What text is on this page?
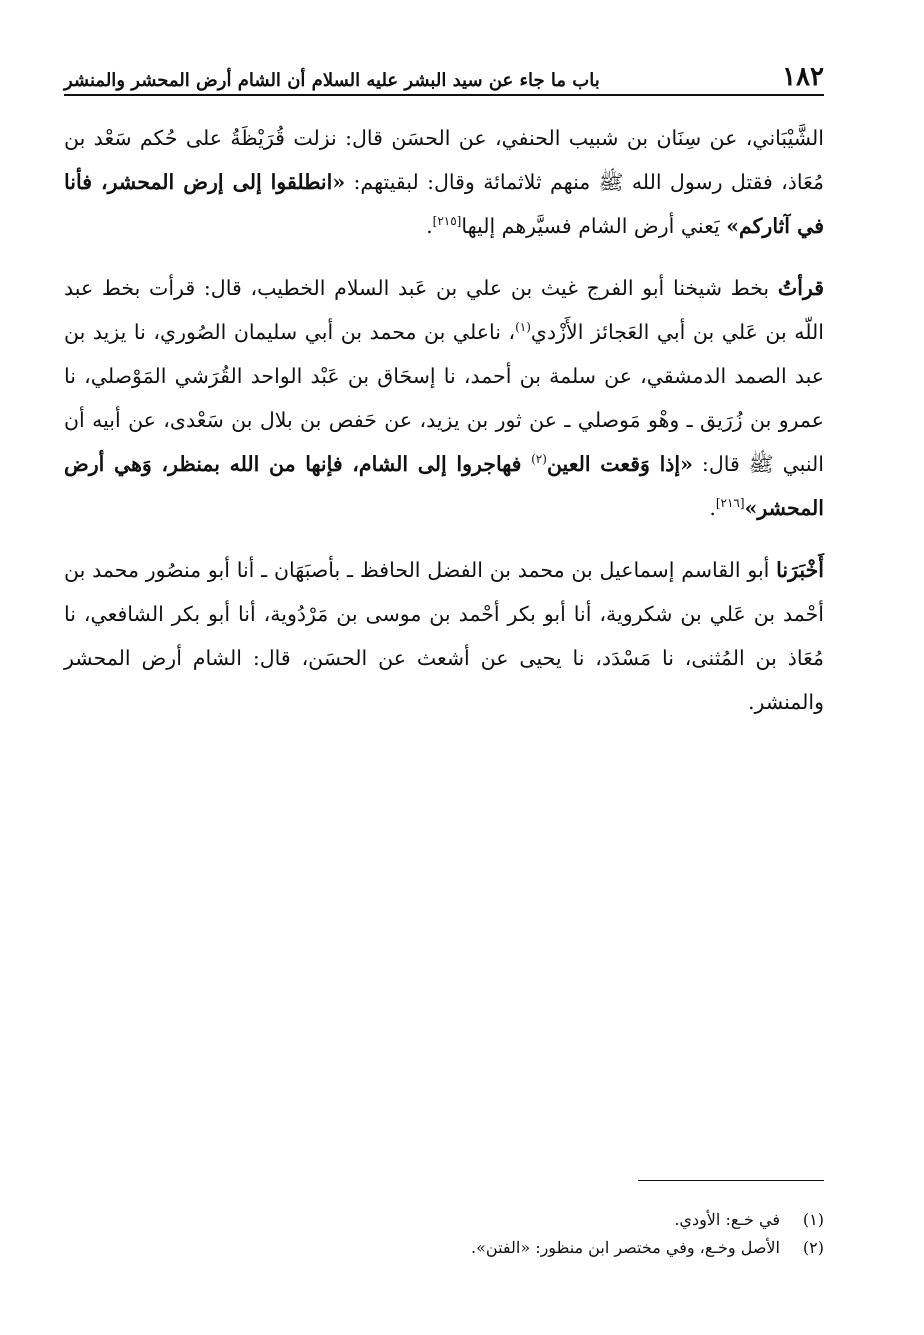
١٨٢
باب ما جاء عن سيد البشر عليه السلام أن الشام أرض المحشر والمنشر

الشَّيْبَاني، عن سِنَان بن شبيب الحنفي، عن الحسَن قال: نزلت قُرَيْظَةُ على حُكم سَعْد بن مُعَاذ، فقتل رسول الله ﷺ منهم ثلاثمائة وقال: لبقيتهم: «انطلقوا إلى إرض المحشر، فأنا في آثاركم» يَعني أرض الشام فسيَّرهم إليها[٢١٥].

قرأتُ بخط شيخنا أبو الفرج غيث بن علي بن عَبد السلام الخطيب، قال: قرأت بخط عبد اللّه بن عَلي بن أبي العَجائز الأَزْدي$^{(١)}$، ناعلي بن محمد بن أبي سليمان الصُوري، نا يزيد بن عبد الصمد الدمشقي، عن سلمة بن أحمد، نا إسحَاق بن عَبْد الواحد القُرَشي المَوْصلي، نا عمرو بن زُرَيق ـ وهْو مَوصلي ـ عن ثور بن يزيد، عن حَفص بن بلال بن سَعْدى، عن أبيه أن النبي ﷺ قال: «إذا وَقعت العين$^{(٢)}$ فهاجروا إلى الشام، فإنها من الله بمنظر، وَهي أرض المحشر»[٢١٦].

أَخْبَرَنا أبو القاسم إسماعيل بن محمد بن الفضل الحافظ ـ بأصبَهَان ـ أنا أبو منصُور محمد بن أحْمد بن عَلي بن شكروية، أنا أبو بكر أحْمد بن موسى بن مَرْدُوية، أنا أبو بكر الشافعي، نا مُعَاذ بن المُثنى، نا مَسْدَد، نا يحيى عن أشعث عن الحسَن، قال: الشام أرض المحشر والمنشر.

(١)
في خـع: الأودي.
(٢)
الأصل وخـع، وفي مختصر ابن منظور: «الفتن».
